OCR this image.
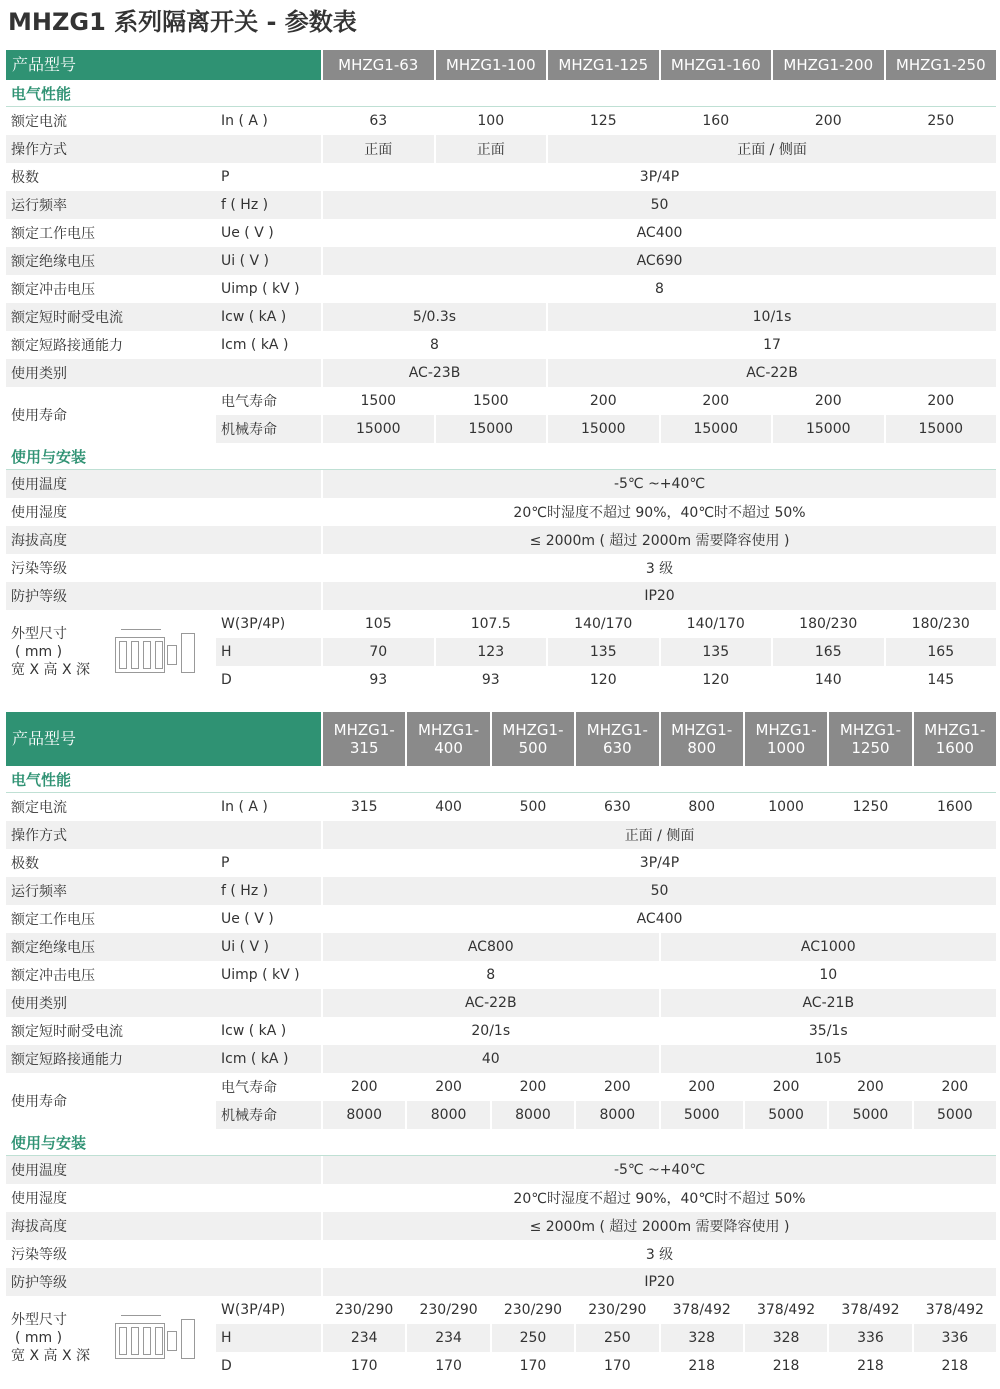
MHZG1 系列隔离开关 - 参数表
产品型号		MHZG1-63	MHZG1-100	MHZG1-125	MHZG1-160	MHZG1-200	MHZG1-250
电气性能							
额定电流	In ( A )	63	100	125	160	200	250
操作方式		正面	正面	正面 / 侧面			
极数	P	3P/4P					
运行频率	f ( Hz )	50					
额定工作电压	Ue ( V )	AC400					
额定绝缘电压	Ui ( V )	AC690					
额定冲击电压	Uimp ( kV )	8					
额定短时耐受电流	Icw ( kA )	5/0.3s		10/1s			
额定短路接通能力	Icm ( kA )	8		17			
使用类别		AC-23B		AC-22B			
使用寿命	电气寿命	1500	1500	200	200	200	200
	机械寿命	15000	15000	15000	15000	15000	15000
使用与安装							
使用温度		-5℃ ~+40℃					
使用湿度		20℃时湿度不超过 90%，40℃时不超过 50%					
海拔高度		≤ 2000m ( 超过 2000m 需要降容使用 )					
污染等级		3 级					
防护等级		IP20					

外型尺寸
( mm )
宽 X 高 X 深	W(3P/4P)	105	107.5	140/170	140/170	180/230	180/230
	H	70	123	135	135	165	165
	D	93	93	120	120	140	145
产品型号		MHZG1-315	MHZG1-400	MHZG1-500	MHZG1-630	MHZG1-800	MHZG1-1000	MHZG1-1250	MHZG1-1600
电气性能									
额定电流	In ( A )	315	400	500	630	800	1000	1250	1600
操作方式		正面 / 侧面							
极数	P	3P/4P							
运行频率	f ( Hz )	50							
额定工作电压	Ue ( V )	AC400							
额定绝缘电压	Ui ( V )	AC800				AC1000			
额定冲击电压	Uimp ( kV )	8				10			
使用类别		AC-22B				AC-21B			
额定短时耐受电流	Icw ( kA )	20/1s				35/1s			
额定短路接通能力	Icm ( kA )	40				105			
使用寿命	电气寿命	200	200	200	200	200	200	200	200
	机械寿命	8000	8000	8000	8000	5000	5000	5000	5000
使用与安装									
使用温度		-5℃ ~+40℃							
使用湿度		20℃时湿度不超过 90%，40℃时不超过 50%							
海拔高度		≤ 2000m ( 超过 2000m 需要降容使用 )							
污染等级		3 级							
防护等级		IP20							

外型尺寸
( mm )
宽 X 高 X 深	W(3P/4P)	230/290	230/290	230/290	230/290	378/492	378/492	378/492	378/492
	H	234	234	250	250	328	328	336	336
	D	170	170	170	170	218	218	218	218
